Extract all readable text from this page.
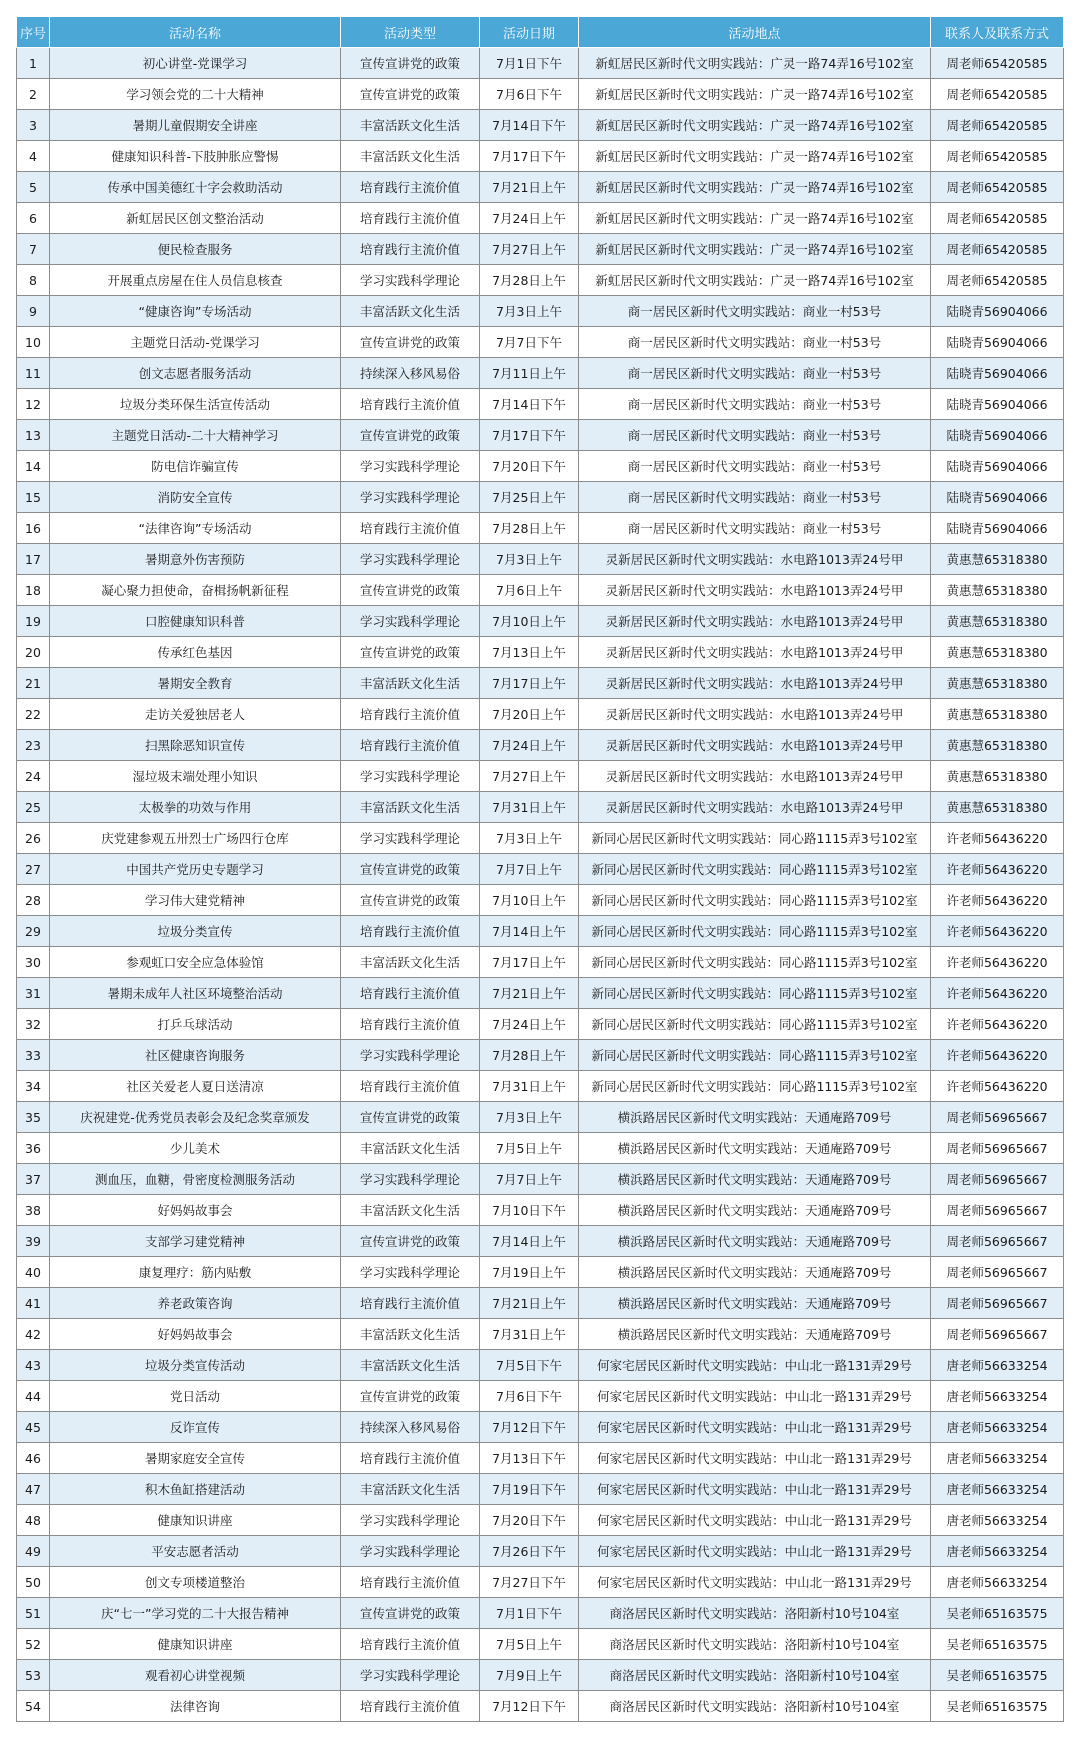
序号	活动名称	活动类型	活动日期	活动地点	联系人及联系方式
1	初心讲堂-党课学习	宣传宣讲党的政策	7月1日下午	新虹居民区新时代文明实践站：广灵一路74弄16号102室	周老师65420585
2	学习领会党的二十大精神	宣传宣讲党的政策	7月6日下午	新虹居民区新时代文明实践站：广灵一路74弄16号102室	周老师65420585
3	暑期儿童假期安全讲座	丰富活跃文化生活	7月14日下午	新虹居民区新时代文明实践站：广灵一路74弄16号102室	周老师65420585
4	健康知识科普-下肢肿胀应警惕	丰富活跃文化生活	7月17日下午	新虹居民区新时代文明实践站：广灵一路74弄16号102室	周老师65420585
5	传承中国美德红十字会救助活动	培育践行主流价值	7月21日上午	新虹居民区新时代文明实践站：广灵一路74弄16号102室	周老师65420585
6	新虹居民区创文整治活动	培育践行主流价值	7月24日上午	新虹居民区新时代文明实践站：广灵一路74弄16号102室	周老师65420585
7	便民检查服务	培育践行主流价值	7月27日上午	新虹居民区新时代文明实践站：广灵一路74弄16号102室	周老师65420585
8	开展重点房屋在住人员信息核查	学习实践科学理论	7月28日上午	新虹居民区新时代文明实践站：广灵一路74弄16号102室	周老师65420585
9	“健康咨询”专场活动	丰富活跃文化生活	7月3日上午	商一居民区新时代文明实践站：商业一村53号	陆晓青56904066
10	主题党日活动-党课学习	宣传宣讲党的政策	7月7日下午	商一居民区新时代文明实践站：商业一村53号	陆晓青56904066
11	创文志愿者服务活动	持续深入移风易俗	7月11日上午	商一居民区新时代文明实践站：商业一村53号	陆晓青56904066
12	垃圾分类环保生活宣传活动	培育践行主流价值	7月14日下午	商一居民区新时代文明实践站：商业一村53号	陆晓青56904066
13	主题党日活动-二十大精神学习	宣传宣讲党的政策	7月17日下午	商一居民区新时代文明实践站：商业一村53号	陆晓青56904066
14	防电信诈骗宣传	学习实践科学理论	7月20日下午	商一居民区新时代文明实践站：商业一村53号	陆晓青56904066
15	消防安全宣传	学习实践科学理论	7月25日上午	商一居民区新时代文明实践站：商业一村53号	陆晓青56904066
16	“法律咨询”专场活动	培育践行主流价值	7月28日上午	商一居民区新时代文明实践站：商业一村53号	陆晓青56904066
17	暑期意外伤害预防	学习实践科学理论	7月3日上午	灵新居民区新时代文明实践站：水电路1013弄24号甲	黄惠慧65318380
18	凝心聚力担使命，奋楫扬帆新征程	宣传宣讲党的政策	7月6日上午	灵新居民区新时代文明实践站：水电路1013弄24号甲	黄惠慧65318380
19	口腔健康知识科普	学习实践科学理论	7月10日上午	灵新居民区新时代文明实践站：水电路1013弄24号甲	黄惠慧65318380
20	传承红色基因	宣传宣讲党的政策	7月13日上午	灵新居民区新时代文明实践站：水电路1013弄24号甲	黄惠慧65318380
21	暑期安全教育	丰富活跃文化生活	7月17日上午	灵新居民区新时代文明实践站：水电路1013弄24号甲	黄惠慧65318380
22	走访关爱独居老人	培育践行主流价值	7月20日上午	灵新居民区新时代文明实践站：水电路1013弄24号甲	黄惠慧65318380
23	扫黑除恶知识宣传	培育践行主流价值	7月24日上午	灵新居民区新时代文明实践站：水电路1013弄24号甲	黄惠慧65318380
24	湿垃圾末端处理小知识	学习实践科学理论	7月27日上午	灵新居民区新时代文明实践站：水电路1013弄24号甲	黄惠慧65318380
25	太极拳的功效与作用	丰富活跃文化生活	7月31日上午	灵新居民区新时代文明实践站：水电路1013弄24号甲	黄惠慧65318380
26	庆党建参观五卅烈士广场四行仓库	学习实践科学理论	7月3日上午	新同心居民区新时代文明实践站：同心路1115弄3号102室	许老师56436220
27	中国共产党历史专题学习	宣传宣讲党的政策	7月7日上午	新同心居民区新时代文明实践站：同心路1115弄3号102室	许老师56436220
28	学习伟大建党精神	宣传宣讲党的政策	7月10日上午	新同心居民区新时代文明实践站：同心路1115弄3号102室	许老师56436220
29	垃圾分类宣传	培育践行主流价值	7月14日上午	新同心居民区新时代文明实践站：同心路1115弄3号102室	许老师56436220
30	参观虹口安全应急体验馆	丰富活跃文化生活	7月17日上午	新同心居民区新时代文明实践站：同心路1115弄3号102室	许老师56436220
31	暑期未成年人社区环境整治活动	培育践行主流价值	7月21日上午	新同心居民区新时代文明实践站：同心路1115弄3号102室	许老师56436220
32	打乒乓球活动	培育践行主流价值	7月24日上午	新同心居民区新时代文明实践站：同心路1115弄3号102室	许老师56436220
33	社区健康咨询服务	学习实践科学理论	7月28日上午	新同心居民区新时代文明实践站：同心路1115弄3号102室	许老师56436220
34	社区关爱老人夏日送清凉	培育践行主流价值	7月31日上午	新同心居民区新时代文明实践站：同心路1115弄3号102室	许老师56436220
35	庆祝建党-优秀党员表彰会及纪念奖章颁发	宣传宣讲党的政策	7月3日上午	横浜路居民区新时代文明实践站：天通庵路709号	周老师56965667
36	少儿美术	丰富活跃文化生活	7月5日上午	横浜路居民区新时代文明实践站：天通庵路709号	周老师56965667
37	测血压，血糖，骨密度检测服务活动	学习实践科学理论	7月7日上午	横浜路居民区新时代文明实践站：天通庵路709号	周老师56965667
38	好妈妈故事会	丰富活跃文化生活	7月10日下午	横浜路居民区新时代文明实践站：天通庵路709号	周老师56965667
39	支部学习建党精神	宣传宣讲党的政策	7月14日上午	横浜路居民区新时代文明实践站：天通庵路709号	周老师56965667
40	康复理疗：筋内贴敷	学习实践科学理论	7月19日上午	横浜路居民区新时代文明实践站：天通庵路709号	周老师56965667
41	养老政策咨询	培育践行主流价值	7月21日上午	横浜路居民区新时代文明实践站：天通庵路709号	周老师56965667
42	好妈妈故事会	丰富活跃文化生活	7月31日上午	横浜路居民区新时代文明实践站：天通庵路709号	周老师56965667
43	垃圾分类宣传活动	丰富活跃文化生活	7月5日下午	何家宅居民区新时代文明实践站：中山北一路131弄29号	唐老师56633254
44	党日活动	宣传宣讲党的政策	7月6日下午	何家宅居民区新时代文明实践站：中山北一路131弄29号	唐老师56633254
45	反诈宣传	持续深入移风易俗	7月12日下午	何家宅居民区新时代文明实践站：中山北一路131弄29号	唐老师56633254
46	暑期家庭安全宣传	培育践行主流价值	7月13日下午	何家宅居民区新时代文明实践站：中山北一路131弄29号	唐老师56633254
47	积木鱼缸搭建活动	丰富活跃文化生活	7月19日下午	何家宅居民区新时代文明实践站：中山北一路131弄29号	唐老师56633254
48	健康知识讲座	学习实践科学理论	7月20日下午	何家宅居民区新时代文明实践站：中山北一路131弄29号	唐老师56633254
49	平安志愿者活动	学习实践科学理论	7月26日下午	何家宅居民区新时代文明实践站：中山北一路131弄29号	唐老师56633254
50	创文专项楼道整治	培育践行主流价值	7月27日下午	何家宅居民区新时代文明实践站：中山北一路131弄29号	唐老师56633254
51	庆“七一”学习党的二十大报告精神	宣传宣讲党的政策	7月1日下午	商洛居民区新时代文明实践站：洛阳新村10号104室	吴老师65163575
52	健康知识讲座	培育践行主流价值	7月5日上午	商洛居民区新时代文明实践站：洛阳新村10号104室	吴老师65163575
53	观看初心讲堂视频	学习实践科学理论	7月9日上午	商洛居民区新时代文明实践站：洛阳新村10号104室	吴老师65163575
54	法律咨询	培育践行主流价值	7月12日下午	商洛居民区新时代文明实践站：洛阳新村10号104室	吴老师65163575
